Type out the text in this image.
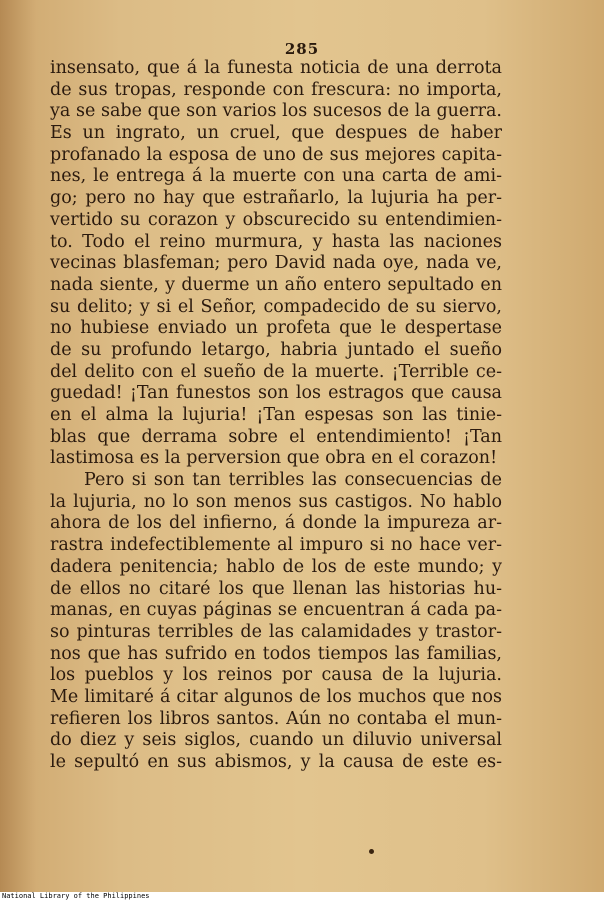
285
insensato, que á la funesta noticia de una derrota
de sus tropas, responde con frescura: no importa,
ya se sabe que son varios los sucesos de la guerra.
Es un ingrato, un cruel, que despues de haber
profanado la esposa de uno de sus mejores capita-
nes, le entrega á la muerte con una carta de ami-
go; pero no hay que estrañarlo, la lujuria ha per-
vertido su corazon y obscurecido su entendimien-
to. Todo el reino murmura, y hasta las naciones
vecinas blasfeman; pero David nada oye, nada ve,
nada siente, y duerme un año entero sepultado en
su delito; y si el Señor, compadecido de su siervo,
no hubiese enviado un profeta que le despertase
de su profundo letargo, habria juntado el sueño
del delito con el sueño de la muerte. ¡Terrible ce-
guedad! ¡Tan funestos son los estragos que causa
en el alma la lujuria! ¡Tan espesas son las tinie-
blas que derrama sobre el entendimiento! ¡Tan
lastimosa es la perversion que obra en el corazon!
Pero si son tan terribles las consecuencias de
la lujuria, no lo son menos sus castigos. No hablo
ahora de los del infierno, á donde la impureza ar-
rastra indefectiblemente al impuro si no hace ver-
dadera penitencia; hablo de los de este mundo; y
de ellos no citaré los que llenan las historias hu-
manas, en cuyas páginas se encuentran á cada pa-
so pinturas terribles de las calamidades y trastor-
nos que has sufrido en todos tiempos las familias,
los pueblos y los reinos por causa de la lujuria.
Me limitaré á citar algunos de los muchos que nos
refieren los libros santos. Aún no contaba el mun-
do diez y seis siglos, cuando un diluvio universal
le sepultó en sus abismos, y la causa de este es-
National Library of the Philippines
